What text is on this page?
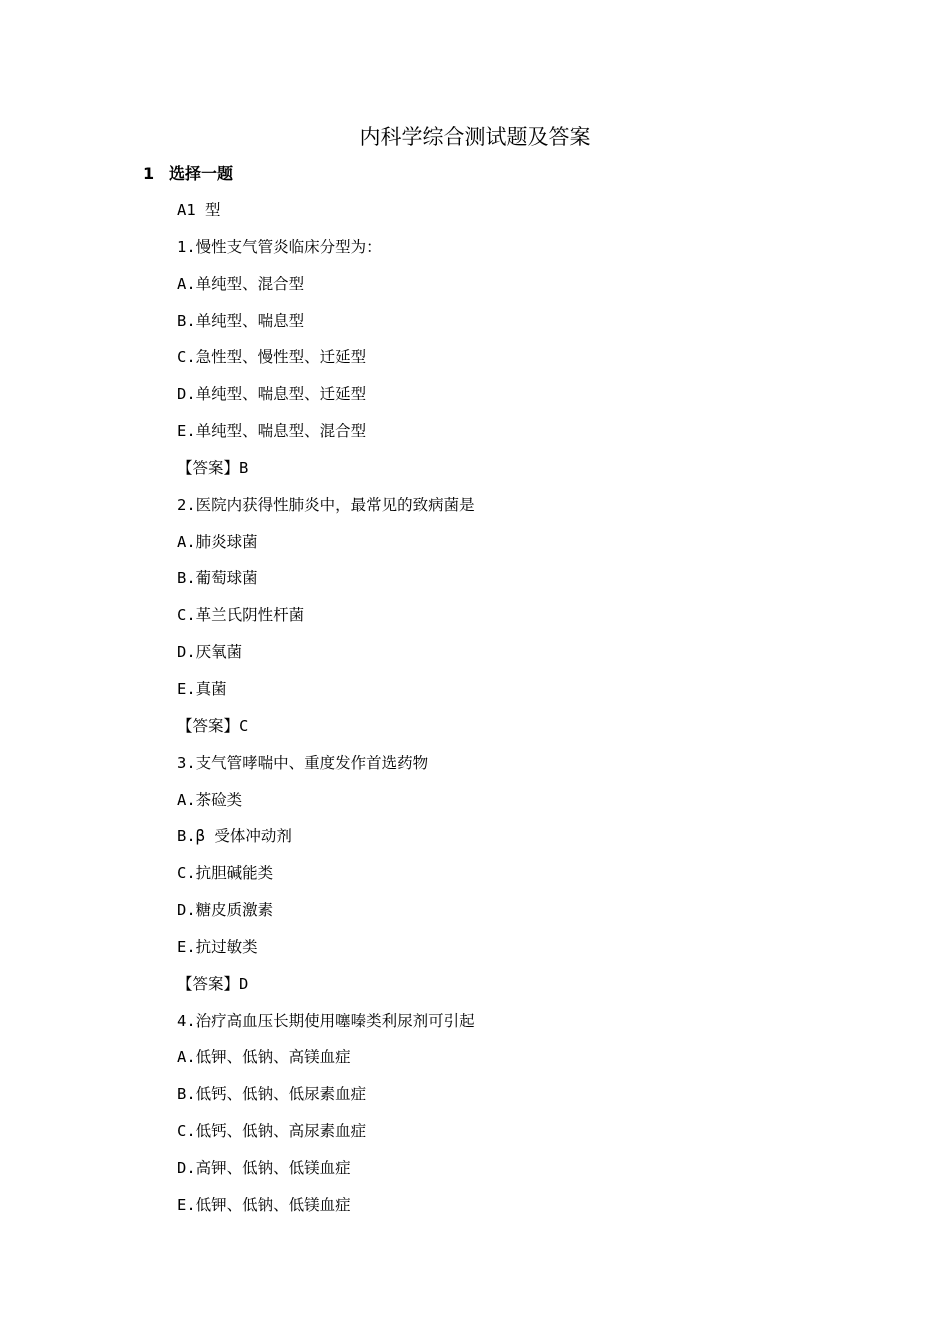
内科学综合测试题及答案
1 选择一题
A1 型
1.慢性支气管炎临床分型为：
A.单纯型、混合型
B.单纯型、喘息型
C.急性型、慢性型、迁延型
D.单纯型、喘息型、迁延型
E.单纯型、喘息型、混合型
【答案】B
2.医院内获得性肺炎中，最常见的致病菌是
A.肺炎球菌
B.葡萄球菌
C.革兰氏阴性杆菌
D.厌氧菌
E.真菌
【答案】C
3.支气管哮喘中、重度发作首选药物
A.茶硷类
B.β 受体冲动剂
C.抗胆碱能类
D.糖皮质激素
E.抗过敏类
【答案】D
4.治疗高血压长期使用噻嗪类利尿剂可引起
A.低钾、低钠、高镁血症
B.低钙、低钠、低尿素血症
C.低钙、低钠、高尿素血症
D.高钾、低钠、低镁血症
E.低钾、低钠、低镁血症
